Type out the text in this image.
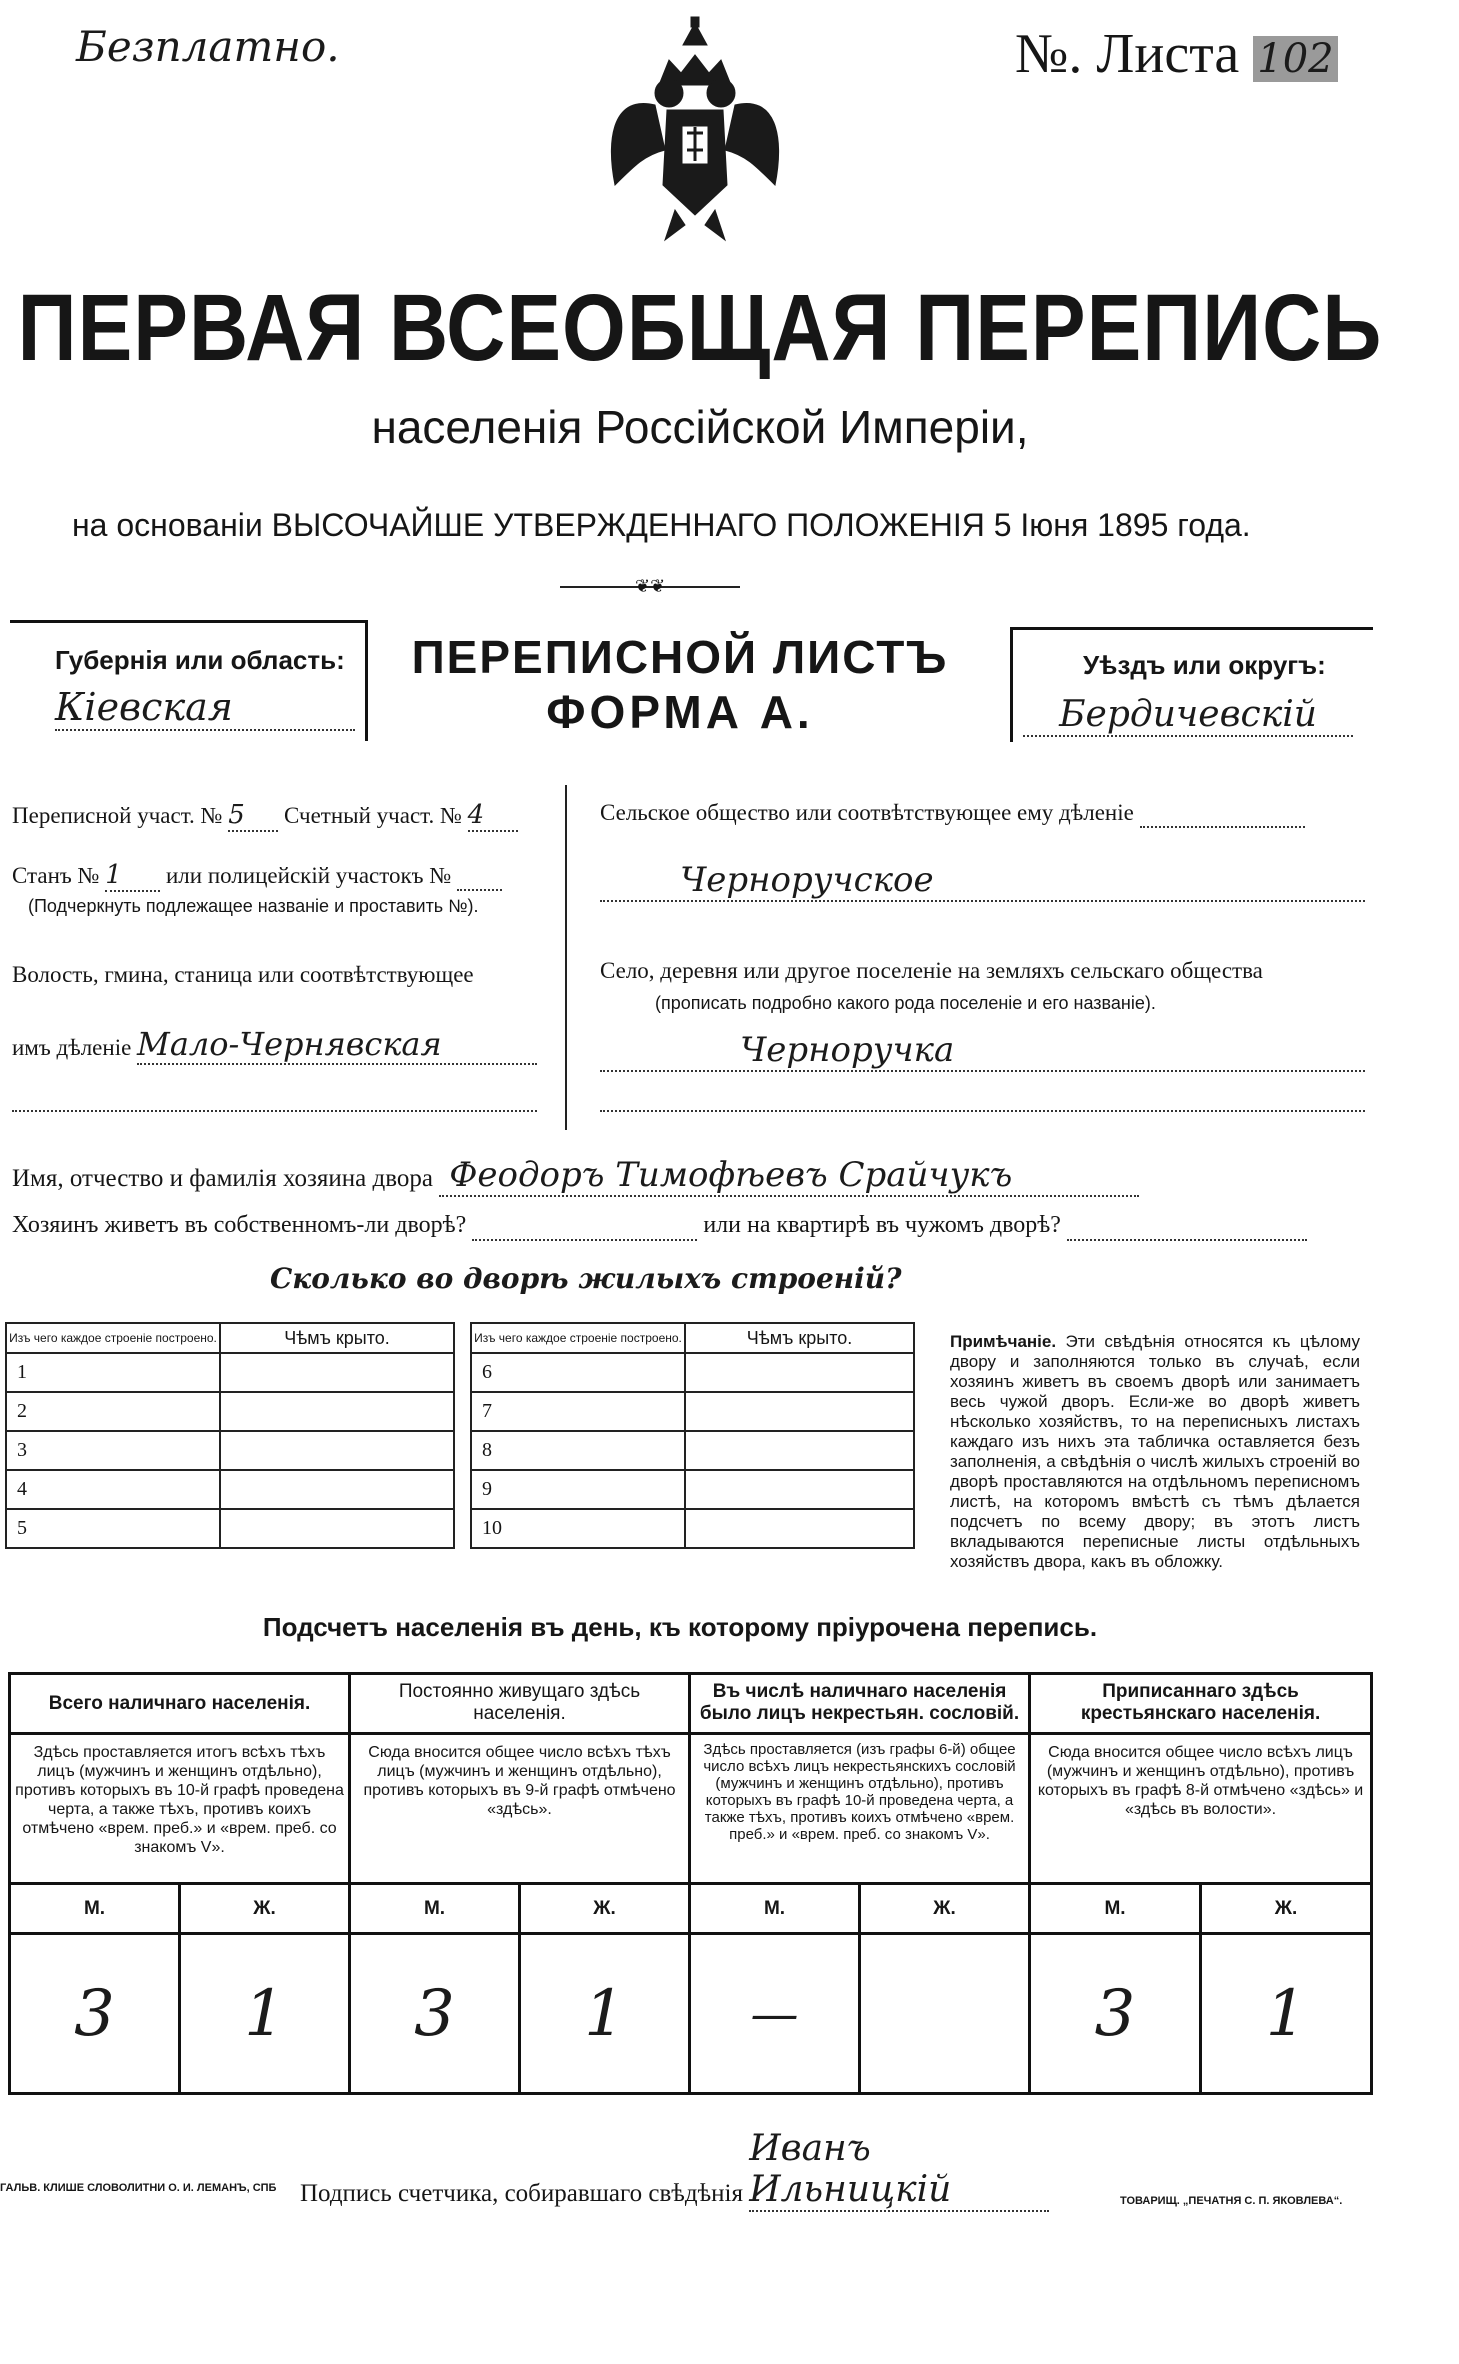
Безплатно.	№. Листа 102
ПЕРВАЯ ВСЕОБЩАЯ ПЕРЕПИСЬ
населенія Россійской Имперіи,
на основаніи ВЫСОЧАЙШЕ УТВЕРЖДЕННАГО ПОЛОЖЕНІЯ 5 Іюня 1895 года.
❦❦
Губернія или область:
Кіевская
ПЕРЕПИСНОЙ ЛИСТЪ
ФОРМА А.
Уѣздъ или округъ:
Бердичевскій
Переписной участ. № 5 Счетный участ. № 4
Станъ № 1 или полицейскій участокъ №
(Подчеркнуть подлежащее названіе и проставить №).
Волость, гмина, станица или соотвѣтствующее
имъ дѣленіе Мало-Чернявская
Сельское общество или соотвѣтствующее ему дѣленіе
Черноручское
Село, деревня или другое поселеніе на земляхъ сельскаго общества
(прописать подробно какого рода поселеніе и его названіе).
Черноручка
Имя, отчество и фамилія хозяина двора Феодоръ Тимофѣевъ Срайчукъ
Хозяинъ живетъ въ собственномъ-ли дворѣ?	или на квартирѣ въ чужомъ дворѣ?
Сколько во дворѣ жилыхъ строеній?
Изъ чего каждое строеніе построено.	Чѣмъ крыто.
1	
2	
3	
4	
5	
Изъ чего каждое строеніе построено.	Чѣмъ крыто.
6	
7	
8	
9	
10	
Примѣчаніе. Эти свѣдѣнія относятся къ цѣлому двору и заполняются только въ случаѣ, если хозяинъ живетъ въ своемъ дворѣ или занимаетъ весь чужой дворъ. Если-же во дворѣ живетъ нѣсколько хозяйствъ, то на переписныхъ листахъ каждаго изъ нихъ эта табличка оставляется безъ заполненія, а свѣдѣнія о числѣ жилыхъ строеній во дворѣ проставляются на отдѣльномъ переписномъ листѣ, на которомъ вмѣстѣ съ тѣмъ дѣлается подсчетъ по всему двору; въ этотъ листъ вкладываются переписные листы отдѣльныхъ хозяйствъ двора, какъ въ обложку.
Подсчетъ населенія въ день, къ которому пріурочена перепись.
Всего наличнаго населенія.		Постоянно живущаго здѣсь населенія.		Въ числѣ наличнаго населенія было лицъ некрестьян. сословій.		Приписаннаго здѣсь крестьянскаго населенія.	
Здѣсь проставляется итогъ всѣхъ тѣхъ лицъ (мужчинъ и женщинъ отдѣльно), противъ которыхъ въ 10-й графѣ проведена черта, а также тѣхъ, противъ коихъ отмѣчено «врем. преб.» и «врем. преб. со знакомъ V».		Сюда вносится общее число всѣхъ тѣхъ лицъ (мужчинъ и женщинъ отдѣльно), противъ которыхъ въ 9-й графѣ отмѣчено «здѣсь».		Здѣсь проставляется (изъ графы 6-й) общее число всѣхъ лицъ некрестьянскихъ сословій (мужчинъ и женщинъ отдѣльно), противъ которыхъ въ графѣ 10-й проведена черта, а также тѣхъ, противъ коихъ отмѣчено «врем. преб.» и «врем. преб. со знакомъ V».		Сюда вносится общее число всѣхъ лицъ (мужчинъ и женщинъ отдѣльно), противъ которыхъ въ графѣ 8-й отмѣчено «здѣсь» и «здѣсь въ волости».	
М.	Ж.	М.	Ж.	М.	Ж.	М.	Ж.
3	1	3	1	—		3	1
Подпись счетчика, собиравшаго свѣдѣнія Иванъ Ильницкій
ГАЛЬВ. КЛИШЕ СЛОВОЛИТНИ О. И. ЛЕМАНЪ, СПБ
ТОВАРИЩ. „ПЕЧАТНЯ С. П. ЯКОВЛЕВА“.
